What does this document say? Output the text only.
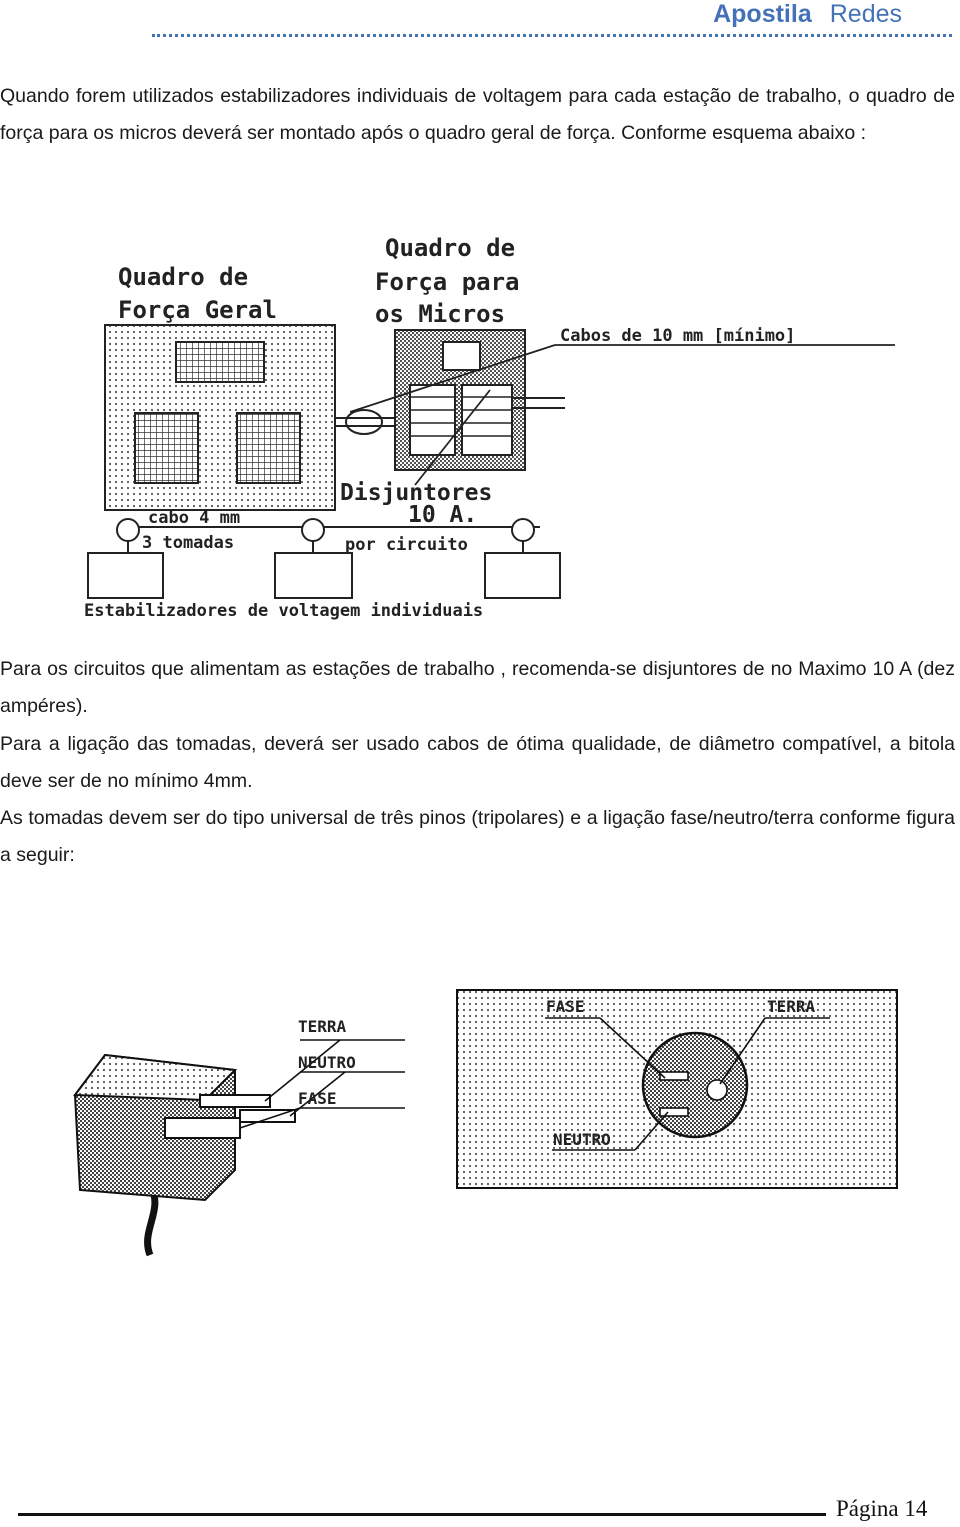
Apostila Redes

Quando forem utilizados estabilizadores individuais de voltagem para cada estação de trabalho, o quadro de força para os micros deverá ser montado após o quadro geral de força. Conforme esquema abaixo :

Quadro de
Força Geral
Quadro de
Força para
os Micros
Cabos de 10 mm [mínimo]
Disjuntores
10 A.
cabo 4 mm
3 tomadas	por circuito
Estabilizadores de voltagem individuais

Para os circuitos que alimentam as estações de trabalho , recomenda-se disjuntores de no Maximo 10 A (dez ampéres).

Para a ligação das tomadas, deverá ser usado cabos de ótima qualidade, de diâmetro compatível, a bitola deve ser de no mínimo 4mm.

As tomadas devem ser do tipo universal de três pinos (tripolares) e a ligação fase/neutro/terra conforme figura a seguir:

TERRA
NEUTRO
FASE
FASE	TERRA
NEUTRO
Página 14
